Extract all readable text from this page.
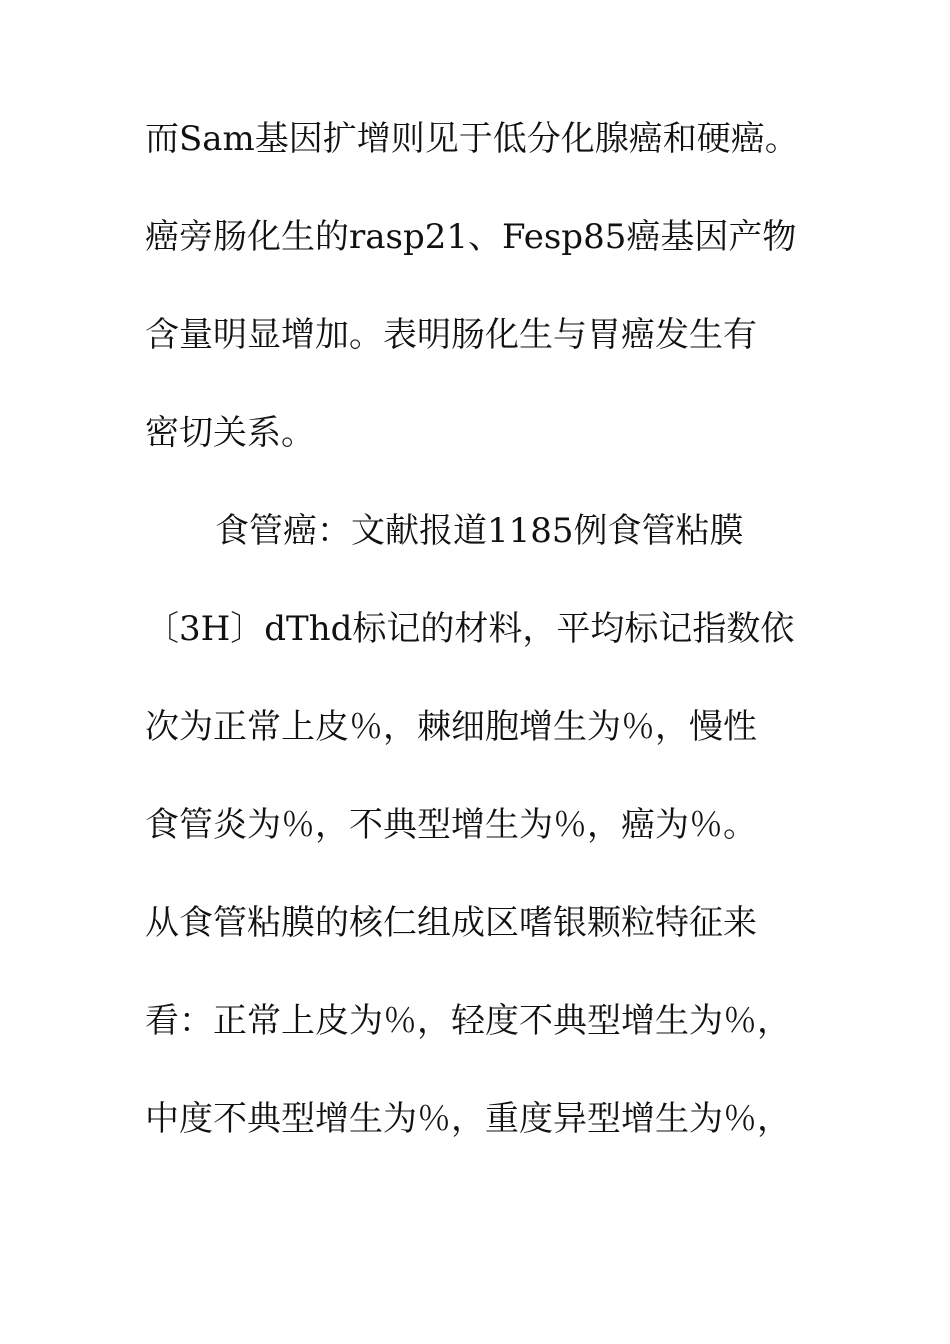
而Sam基因扩增则见于低分化腺癌和硬癌。
癌旁肠化生的rasp21、Fesp85癌基因产物
含量明显增加。表明肠化生与胃癌发生有
密切关系。
食管癌：文献报道1185例食管粘膜
〔3H〕dThd标记的材料，平均标记指数依
次为正常上皮％，棘细胞增生为％，慢性
食管炎为％，不典型增生为％，癌为％。
从食管粘膜的核仁组成区嗜银颗粒特征来
看：正常上皮为％，轻度不典型增生为％，
中度不典型增生为％，重度异型增生为％，
